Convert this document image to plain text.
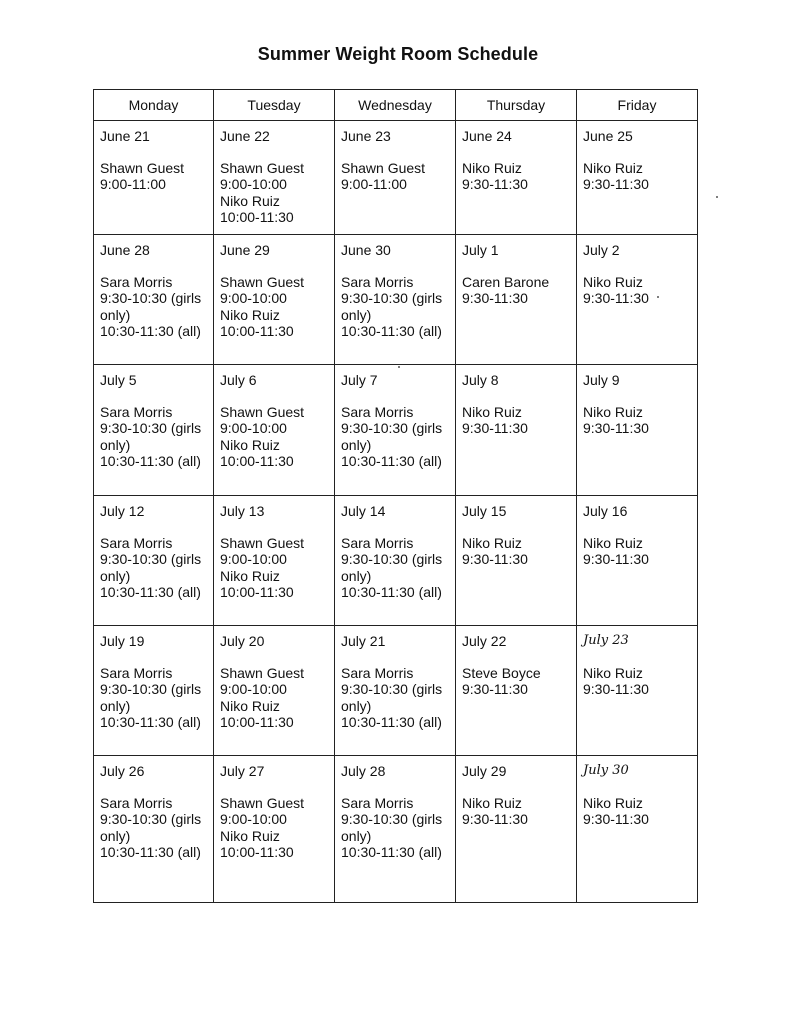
Summer Weight Room Schedule
Monday	Tuesday	Wednesday	Thursday	Friday

June 21
Shawn Guest
9:00-11:00	June 22
Shawn Guest
9:00-10:00
Niko Ruiz
10:00-11:30	June 23
Shawn Guest
9:00-11:00	June 24
Niko Ruiz
9:30-11:30	June 25
Niko Ruiz
9:30-11:30

June 28
Sara Morris
9:30-10:30 (girls
only)
10:30-11:30 (all)	June 29
Shawn Guest
9:00-10:00
Niko Ruiz
10:00-11:30	June 30
Sara Morris
9:30-10:30 (girls
only)
10:30-11:30 (all)	July 1
Caren Barone
9:30-11:30	July 2
Niko Ruiz
9:30-11:30

July 5
Sara Morris
9:30-10:30 (girls
only)
10:30-11:30 (all)	July 6
Shawn Guest
9:00-10:00
Niko Ruiz
10:00-11:30	July 7
Sara Morris
9:30-10:30 (girls
only)
10:30-11:30 (all)	July 8
Niko Ruiz
9:30-11:30	July 9
Niko Ruiz
9:30-11:30

July 12
Sara Morris
9:30-10:30 (girls
only)
10:30-11:30 (all)	July 13
Shawn Guest
9:00-10:00
Niko Ruiz
10:00-11:30	July 14
Sara Morris
9:30-10:30 (girls
only)
10:30-11:30 (all)	July 15
Niko Ruiz
9:30-11:30	July 16
Niko Ruiz
9:30-11:30

July 19
Sara Morris
9:30-10:30 (girls
only)
10:30-11:30 (all)	July 20
Shawn Guest
9:00-10:00
Niko Ruiz
10:00-11:30	July 21
Sara Morris
9:30-10:30 (girls
only)
10:30-11:30 (all)	July 22
Steve Boyce
9:30-11:30	July 23
Niko Ruiz
9:30-11:30

July 26
Sara Morris
9:30-10:30 (girls
only)
10:30-11:30 (all)	July 27
Shawn Guest
9:00-10:00
Niko Ruiz
10:00-11:30	July 28
Sara Morris
9:30-10:30 (girls
only)
10:30-11:30 (all)	July 29
Niko Ruiz
9:30-11:30	July 30
Niko Ruiz
9:30-11:30
